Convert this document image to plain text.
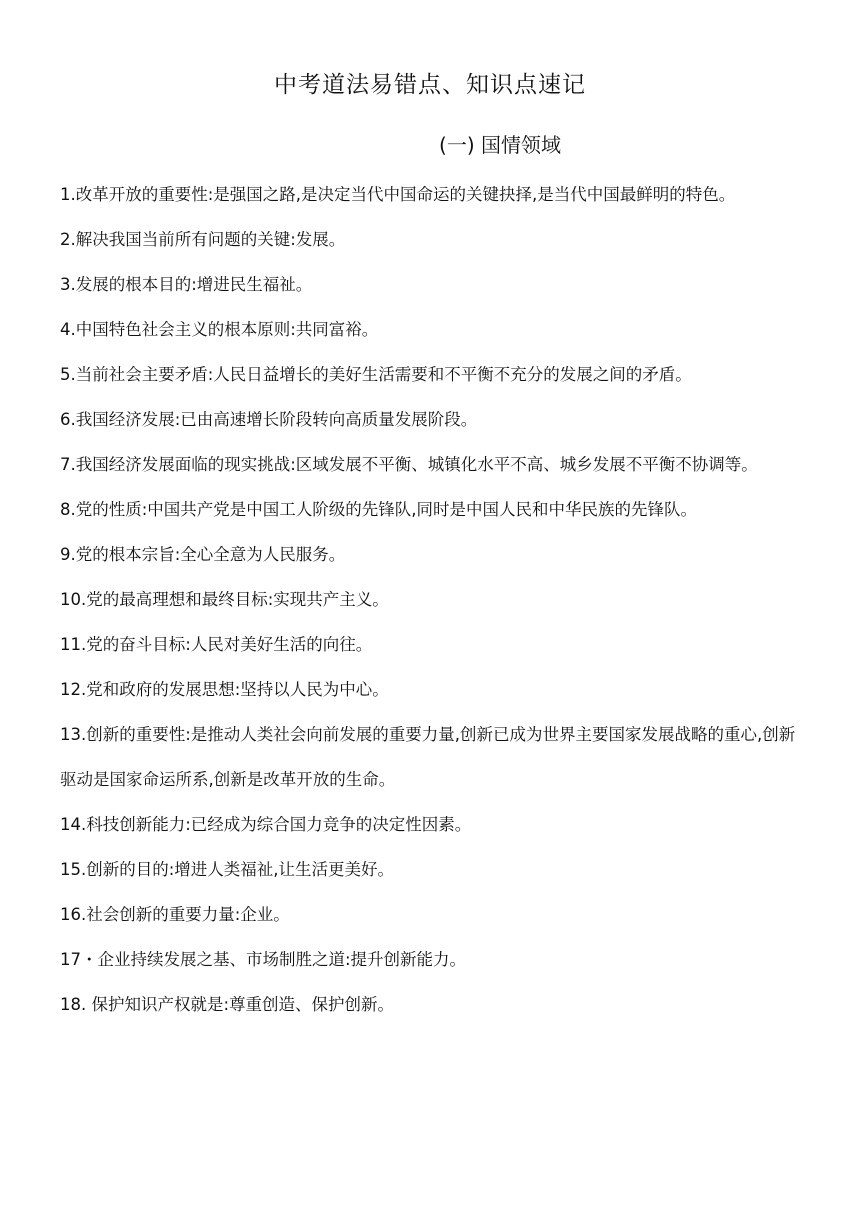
中考道法易错点、知识点速记
(一) 国情领域
1.改革开放的重要性:是强国之路,是决定当代中国命运的关键抉择,是当代中国最鲜明的特色。
2.解决我国当前所有问题的关键:发展。
3.发展的根本目的:增进民生福祉。
4.中国特色社会主义的根本原则:共同富裕。
5.当前社会主要矛盾:人民日益增长的美好生活需要和不平衡不充分的发展之间的矛盾。
6.我国经济发展:已由高速增长阶段转向高质量发展阶段。
7.我国经济发展面临的现实挑战:区域发展不平衡、城镇化水平不高、城乡发展不平衡不协调等。
8.党的性质:中国共产党是中国工人阶级的先锋队,同时是中国人民和中华民族的先锋队。
9.党的根本宗旨:全心全意为人民服务。
10.党的最高理想和最终目标:实现共产主义。
11.党的奋斗目标:人民对美好生活的向往。
12.党和政府的发展思想:坚持以人民为中心。
13.创新的重要性:是推动人类社会向前发展的重要力量,创新已成为世界主要国家发展战略的重心,创新驱动是国家命运所系,创新是改革开放的生命。
14.科技创新能力:已经成为综合国力竞争的决定性因素。
15.创新的目的:增进人类福祉,让生活更美好。
16.社会创新的重要力量:企业。
17・企业持续发展之基、市场制胜之道:提升创新能力。
18. 保护知识产权就是:尊重创造、保护创新。
